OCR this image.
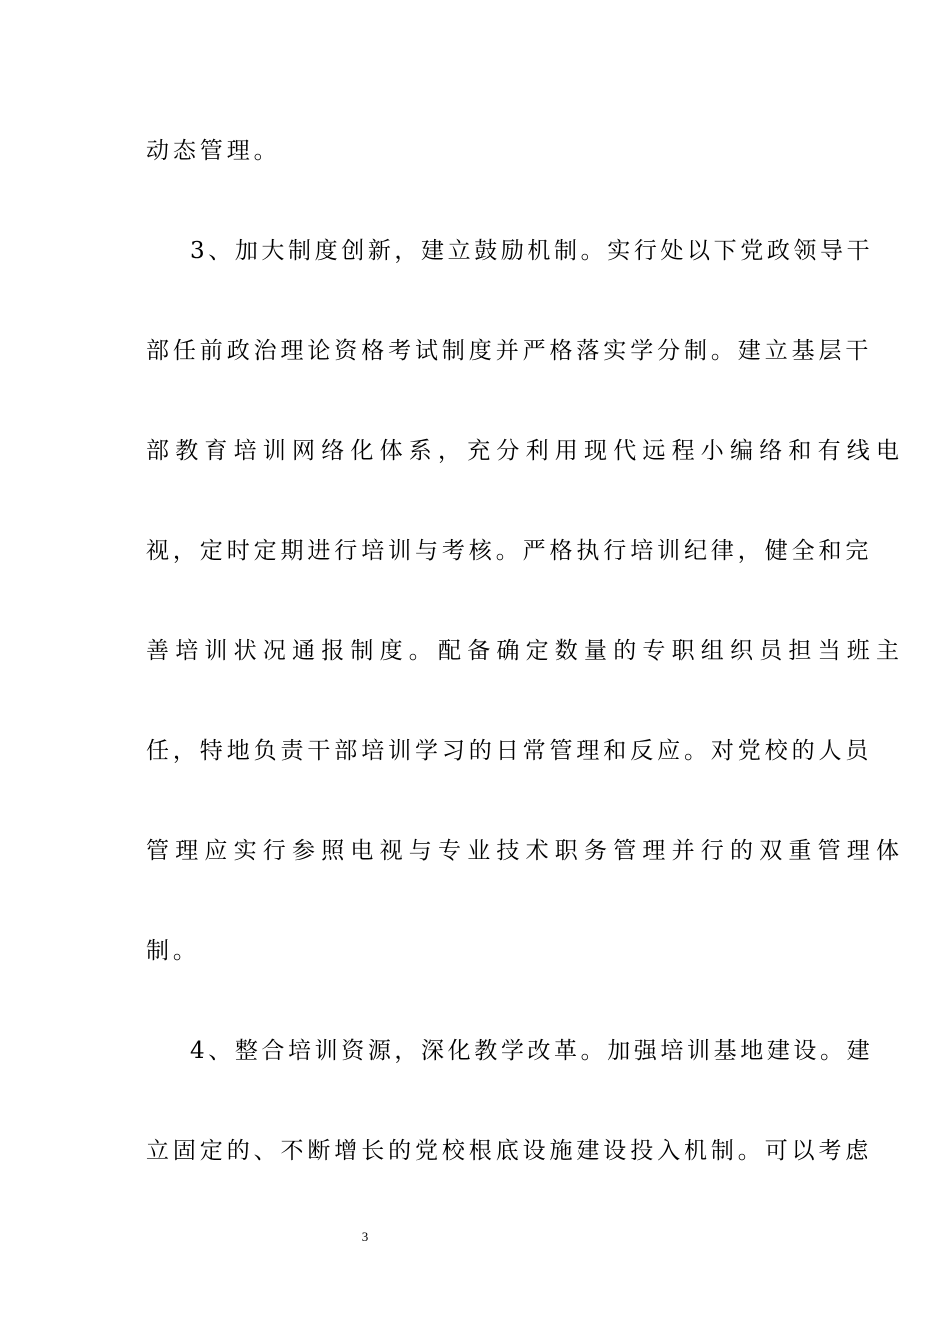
动态管理。
3、加大制度创新，建立鼓励机制。实行处以下党政领导干
部任前政治理论资格考试制度并严格落实学分制。建立基层干
部教育培训网络化体系，充分利用现代远程小编络和有线电
视，定时定期进行培训与考核。严格执行培训纪律，健全和完
善培训状况通报制度。配备确定数量的专职组织员担当班主
任，特地负责干部培训学习的日常管理和反应。对党校的人员
管理应实行参照电视与专业技术职务管理并行的双重管理体
制。
4、整合培训资源，深化教学改革。加强培训基地建设。建
立固定的、不断增长的党校根底设施建设投入机制。可以考虑
3
